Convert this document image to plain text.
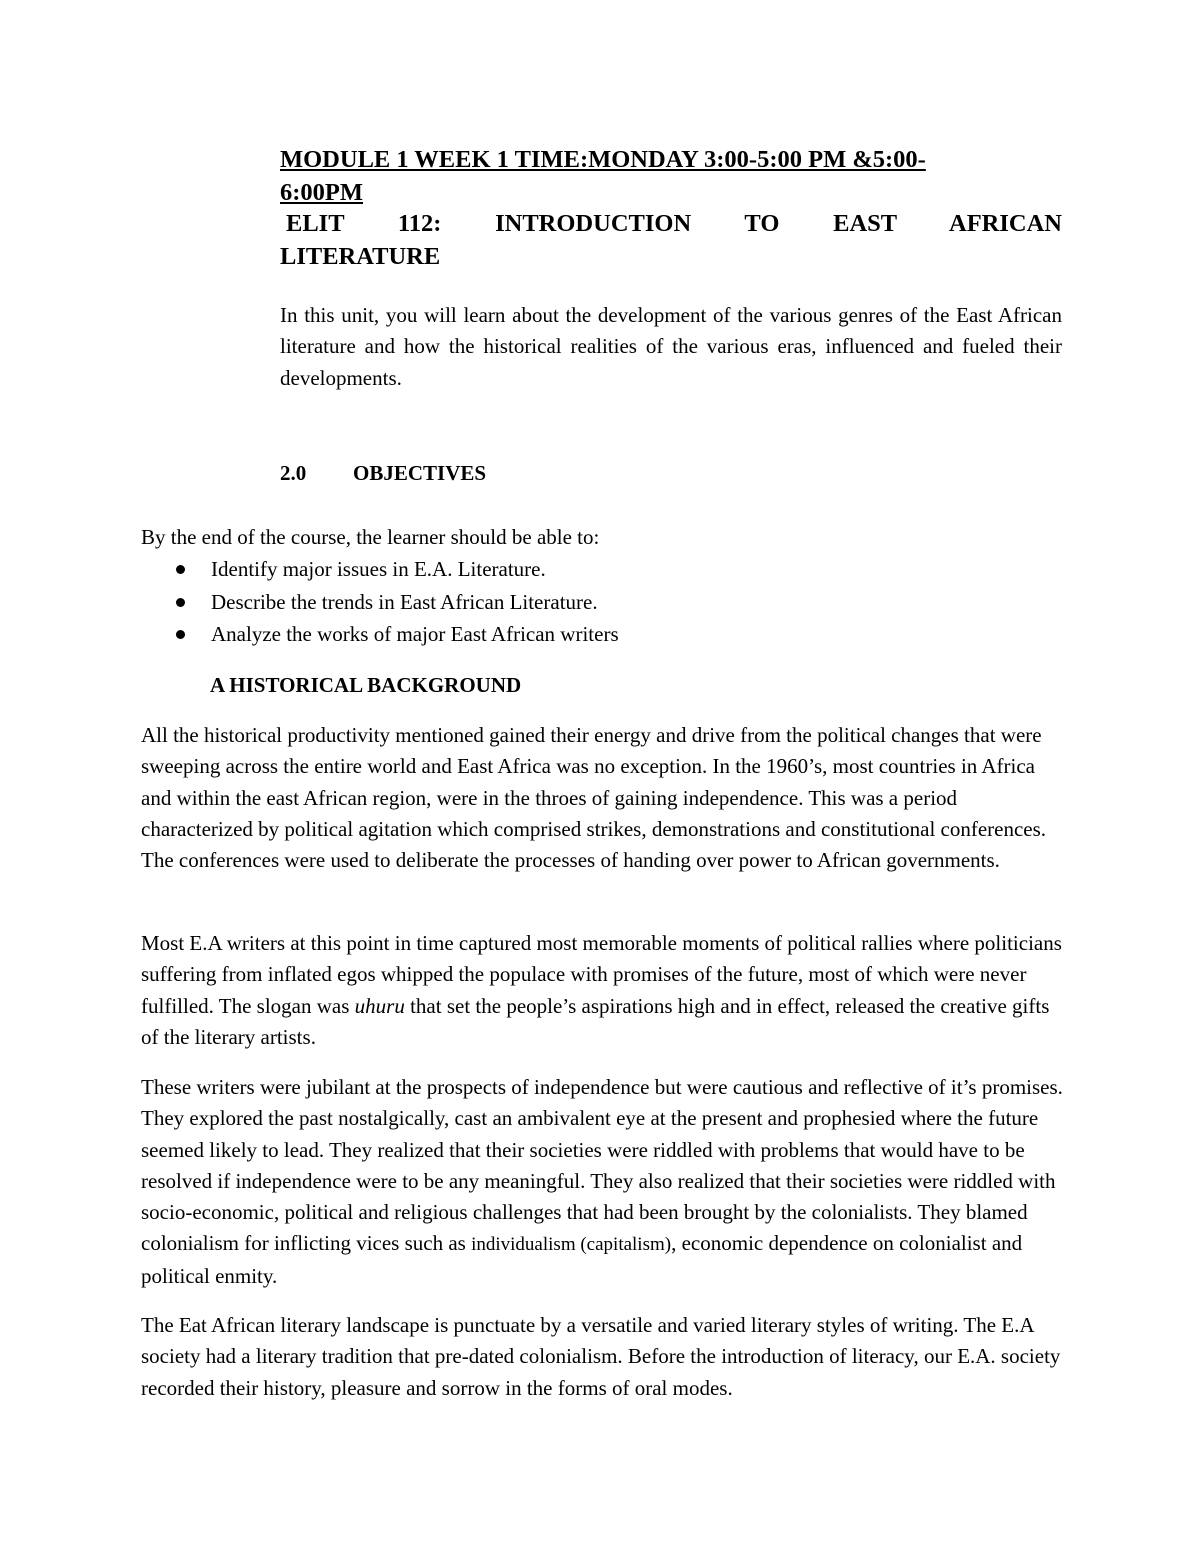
MODULE 1 WEEK 1 TIME:MONDAY 3:00-5:00 PM &5:00-

6:00PM

ELIT 112: INTRODUCTION TO EAST AFRICAN

LITERATURE

In this unit, you will learn about the development of the various genres of the East African literature and how the historical realities of the various eras, influenced and fueled their developments.

2.0 OBJECTIVES

By the end of the course, the learner should be able to:

Identify major issues in E.A. Literature.
Describe the trends in East African Literature.
Analyze the works of major East African writers
A HISTORICAL BACKGROUND

All the historical productivity mentioned gained their energy and drive from the political changes that were sweeping across the entire world and East Africa was no exception. In the 1960’s, most countries in Africa and within the east African region, were in the throes of gaining independence. This was a period characterized by political agitation which comprised strikes, demonstrations and constitutional conferences. The conferences were used to deliberate the processes of handing over power to African governments.

Most E.A writers at this point in time captured most memorable moments of political rallies where politicians suffering from inflated egos whipped the populace with promises of the future, most of which were never fulfilled. The slogan was uhuru that set the people’s aspirations high and in effect, released the creative gifts of the literary artists.

These writers were jubilant at the prospects of independence but were cautious and reflective of it’s promises. They explored the past nostalgically, cast an ambivalent eye at the present and prophesied where the future seemed likely to lead. They realized that their societies were riddled with problems that would have to be resolved if independence were to be any meaningful. They also realized that their societies were riddled with socio-economic, political and religious challenges that had been brought by the colonialists. They blamed colonialism for inflicting vices such as individualism (capitalism), economic dependence on colonialist and political enmity.

The Eat African literary landscape is punctuate by a versatile and varied literary styles of writing. The E.A society had a literary tradition that pre-dated colonialism. Before the introduction of literacy, our E.A. society recorded their history, pleasure and sorrow in the forms of oral modes.
